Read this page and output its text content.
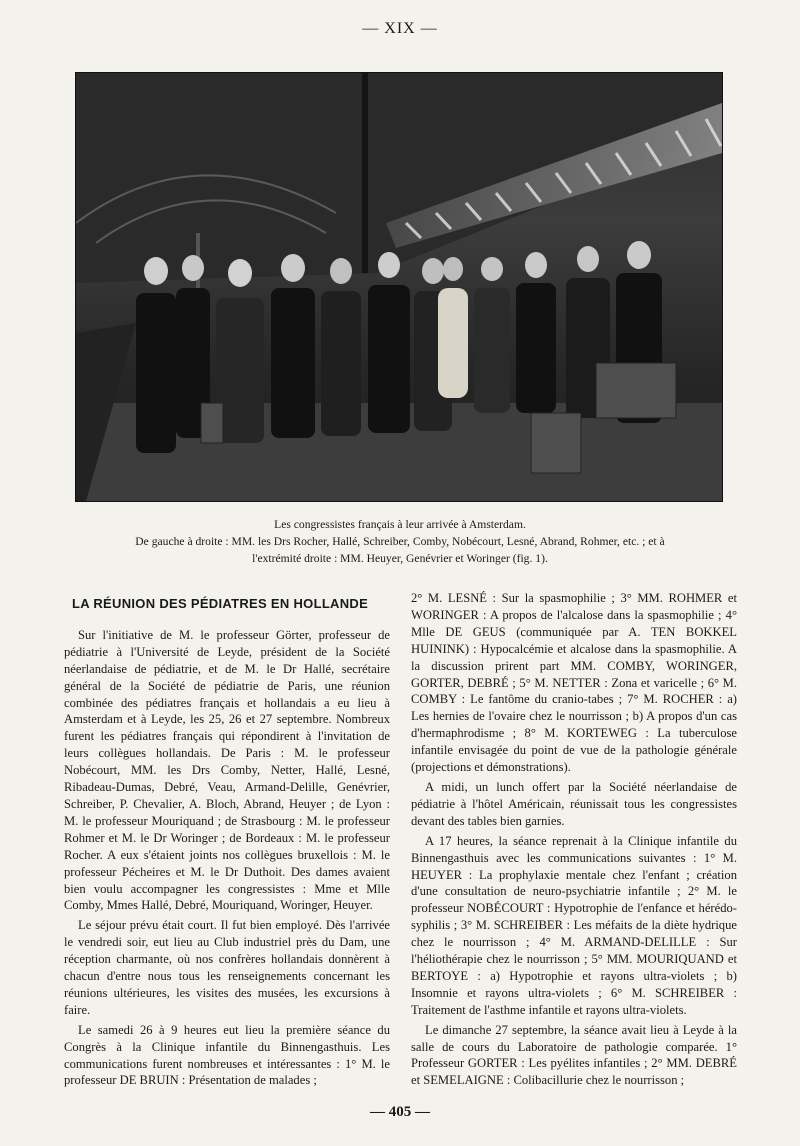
— XIX —
Les congressistes français à leur arrivée à Amsterdam.
De gauche à droite : MM. les Drs Rocher, Hallé, Schreiber, Comby, Nobécourt, Lesné, Abrand, Rohmer, etc. ; et à
l'extrémité droite : MM. Heuyer, Genévrier et Woringer (fig. 1).
LA RÉUNION DES PÉDIATRES EN HOLLANDE

Sur l'initiative de M. le professeur Görter, professeur de pédiatrie à l'Université de Leyde, président de la Société néerlandaise de pédiatrie, et de M. le Dr Hallé, secrétaire général de la Société de pédiatrie de Paris, une réunion combinée des pédiatres français et hollandais a eu lieu à Amsterdam et à Leyde, les 25, 26 et 27 septembre. Nombreux furent les pédiatres français qui répondirent à l'invitation de leurs collègues hollandais. De Paris : M. le professeur Nobécourt, MM. les Drs Comby, Netter, Hallé, Lesné, Ribadeau-Dumas, Debré, Veau, Armand-Delille, Genévrier, Schreiber, P. Chevalier, A. Bloch, Abrand, Heuyer ; de Lyon : M. le professeur Mouriquand ; de Strasbourg : M. le professeur Rohmer et M. le Dr Woringer ; de Bordeaux : M. le professeur Rocher. A eux s'étaient joints nos collègues bruxellois : M. le professeur Pécheires et M. le Dr Duthoit. Des dames avaient bien voulu accompagner les congressistes : Mme et Mlle Comby, Mmes Hallé, Debré, Mouriquand, Woringer, Heuyer.

Le séjour prévu était court. Il fut bien employé. Dès l'arrivée le vendredi soir, eut lieu au Club industriel près du Dam, une réception charmante, où nos confrères hollandais donnèrent à chacun d'entre nous tous les renseignements concernant les réunions ultérieures, les visites des musées, les excursions à faire.

Le samedi 26 à 9 heures eut lieu la première séance du Congrès à la Clinique infantile du Binnengasthuis. Les communications furent nombreuses et intéressantes : 1° M. le professeur DE BRUIN : Présentation de malades ;

2° M. LESNÉ : Sur la spasmophilie ; 3° MM. ROHMER et WORINGER : A propos de l'alcalose dans la spasmophilie ; 4° Mlle DE GEUS (communiquée par A. TEN BOKKEL HUININK) : Hypocalcémie et alcalose dans la spasmophilie. A la discussion prirent part MM. COMBY, WORINGER, GORTER, DEBRÉ ; 5° M. NETTER : Zona et varicelle ; 6° M. COMBY : Le fantôme du cranio-tabes ; 7° M. ROCHER : a) Les hernies de l'ovaire chez le nourrisson ; b) A propos d'un cas d'hermaphrodisme ; 8° M. KORTEWEG : La tuberculose infantile envisagée du point de vue de la pathologie générale (projections et démonstrations).

A midi, un lunch offert par la Société néerlandaise de pédiatrie à l'hôtel Américain, réunissait tous les congressistes devant des tables bien garnies.

A 17 heures, la séance reprenait à la Clinique infantile du Binnengasthuis avec les communications suivantes : 1° M. HEUYER : La prophylaxie mentale chez l'enfant ; création d'une consultation de neuro-psychiatrie infantile ; 2° M. le professeur NOBÉCOURT : Hypotrophie de l'enfance et hérédo-syphilis ; 3° M. SCHREIBER : Les méfaits de la diète hydrique chez le nourrisson ; 4° M. ARMAND-DELILLE : Sur l'héliothérapie chez le nourrisson ; 5° MM. MOURIQUAND et BERTOYE : a) Hypotrophie et rayons ultra-violets ; b) Insomnie et rayons ultra-violets ; 6° M. SCHREIBER : Traitement de l'asthme infantile et rayons ultra-violets.

Le dimanche 27 septembre, la séance avait lieu à Leyde à la salle de cours du Laboratoire de pathologie comparée. 1° Professeur GORTER : Les pyélites infantiles ; 2° MM. DEBRÉ et SEMELAIGNE : Colibacillurie chez le nourrisson ;

— 405 —
